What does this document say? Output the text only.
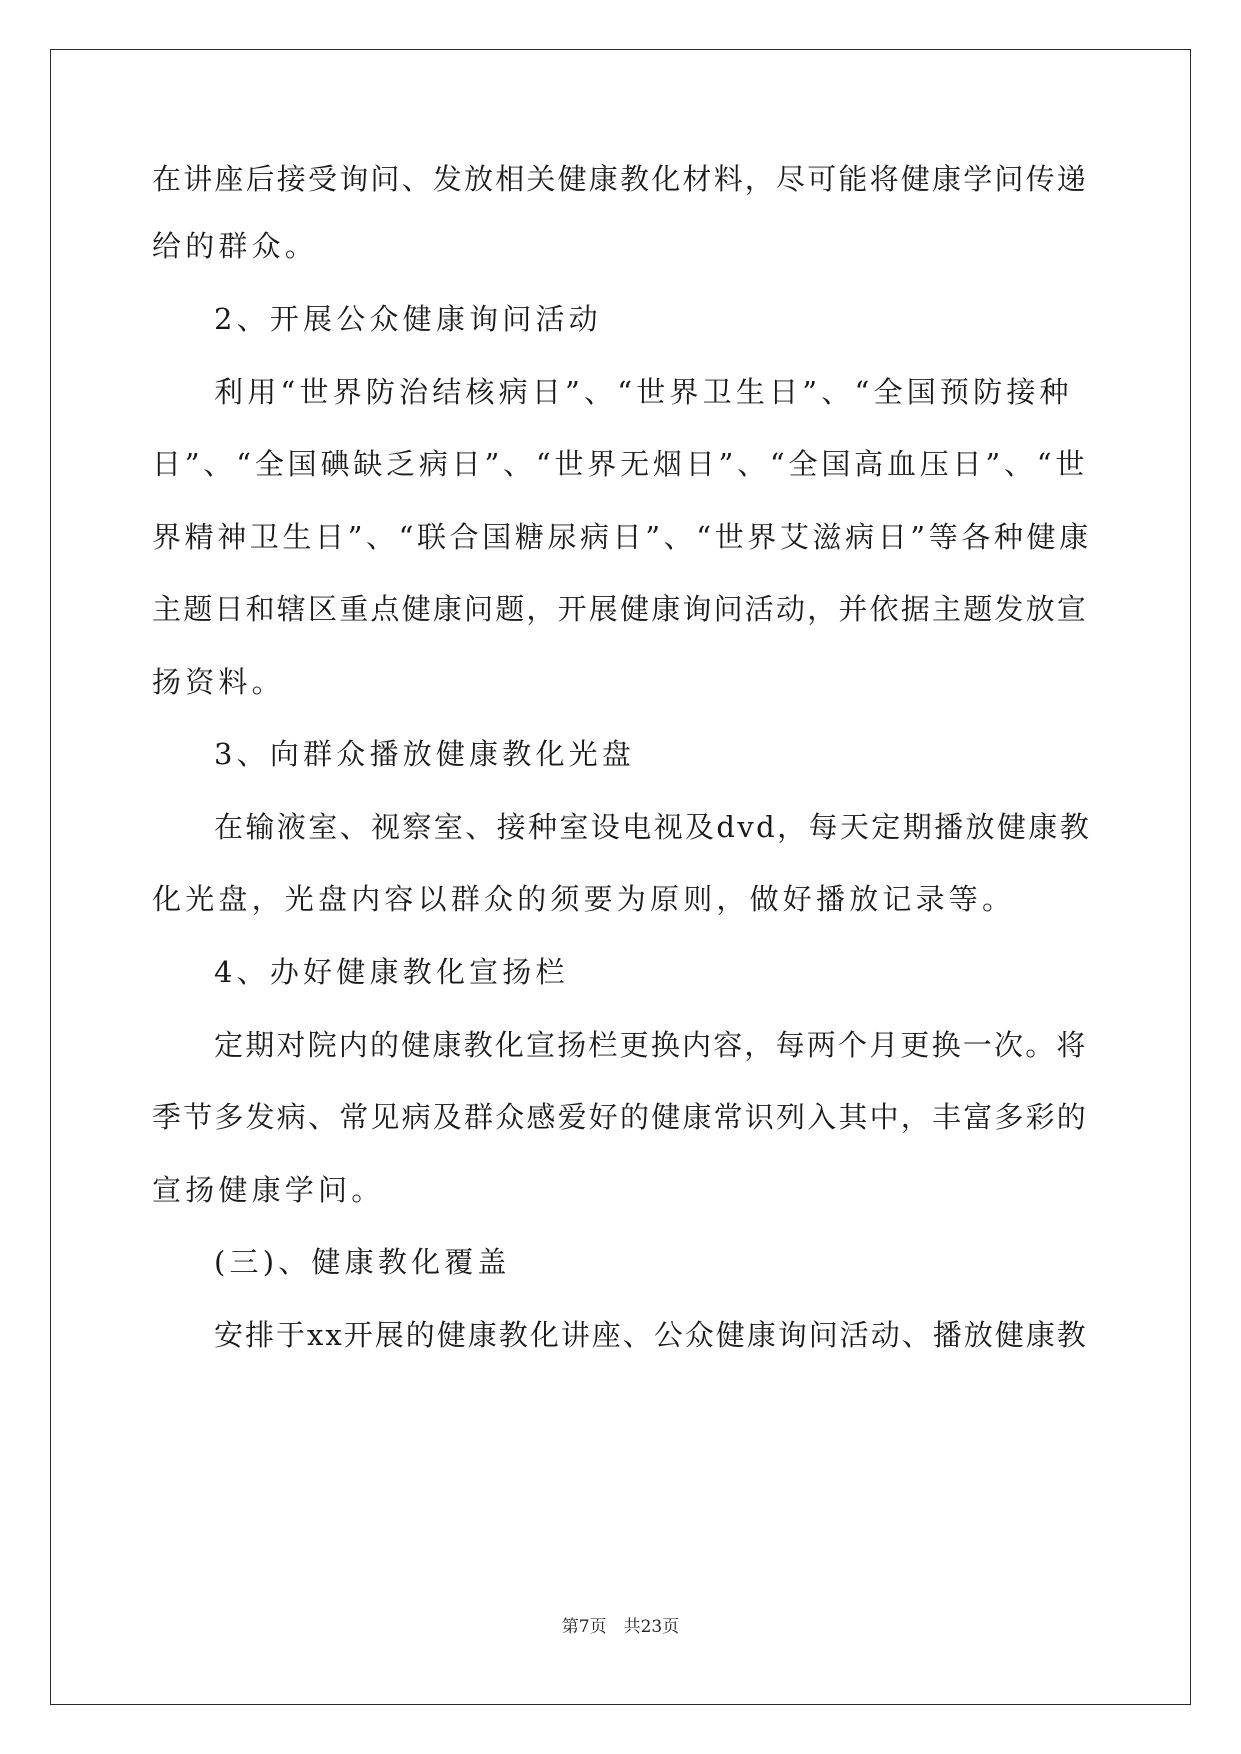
在讲座后接受询问、发放相关健康教化材料，尽可能将健康学问传递
给的群众。
2、开展公众健康询问活动
利用“世界防治结核病日”、“世界卫生日”、“全国预防接种
日”、“全国碘缺乏病日”、“世界无烟日”、“全国高血压日”、“世
界精神卫生日”、“联合国糖尿病日”、“世界艾滋病日”等各种健康
主题日和辖区重点健康问题，开展健康询问活动，并依据主题发放宣
扬资料。
3、向群众播放健康教化光盘
在输液室、视察室、接种室设电视及dvd，每天定期播放健康教
化光盘，光盘内容以群众的须要为原则，做好播放记录等。
4、办好健康教化宣扬栏
定期对院内的健康教化宣扬栏更换内容，每两个月更换一次。将
季节多发病、常见病及群众感爱好的健康常识列入其中，丰富多彩的
宣扬健康学问。
(三)、健康教化覆盖
安排于xx开展的健康教化讲座、公众健康询问活动、播放健康教
第7页　共23页
